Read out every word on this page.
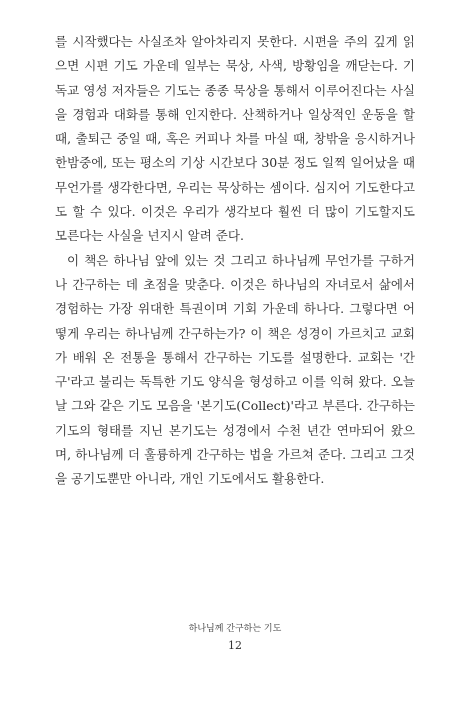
를 시작했다는 사실조차 알아차리지 못한다. 시편을 주의 깊게 읽으면 시편 기도 가운데 일부는 묵상, 사색, 방황임을 깨닫는다. 기독교 영성 저자들은 기도는 종종 묵상을 통해서 이루어진다는 사실을 경험과 대화를 통해 인지한다. 산책하거나 일상적인 운동을 할 때, 출퇴근 중일 때, 혹은 커피나 차를 마실 때, 창밖을 응시하거나 한밤중에, 또는 평소의 기상 시간보다 30분 정도 일찍 일어났을 때 무언가를 생각한다면, 우리는 묵상하는 셈이다. 심지어 기도한다고도 할 수 있다. 이것은 우리가 생각보다 훨씬 더 많이 기도할지도 모른다는 사실을 넌지시 알려 준다.

이 책은 하나님 앞에 있는 것 그리고 하나님께 무언가를 구하거나 간구하는 데 초점을 맞춘다. 이것은 하나님의 자녀로서 삶에서 경험하는 가장 위대한 특권이며 기회 가운데 하나다. 그렇다면 어떻게 우리는 하나님께 간구하는가? 이 책은 성경이 가르치고 교회가 배워 온 전통을 통해서 간구하는 기도를 설명한다. 교회는 '간구'라고 불리는 독특한 기도 양식을 형성하고 이를 익혀 왔다. 오늘날 그와 같은 기도 모음을 '본기도(Collect)'라고 부른다. 간구하는 기도의 형태를 지닌 본기도는 성경에서 수천 년간 연마되어 왔으며, 하나님께 더 훌륭하게 간구하는 법을 가르쳐 준다. 그리고 그것을 공기도뿐만 아니라, 개인 기도에서도 활용한다.

하나님께 간구하는 기도
12
